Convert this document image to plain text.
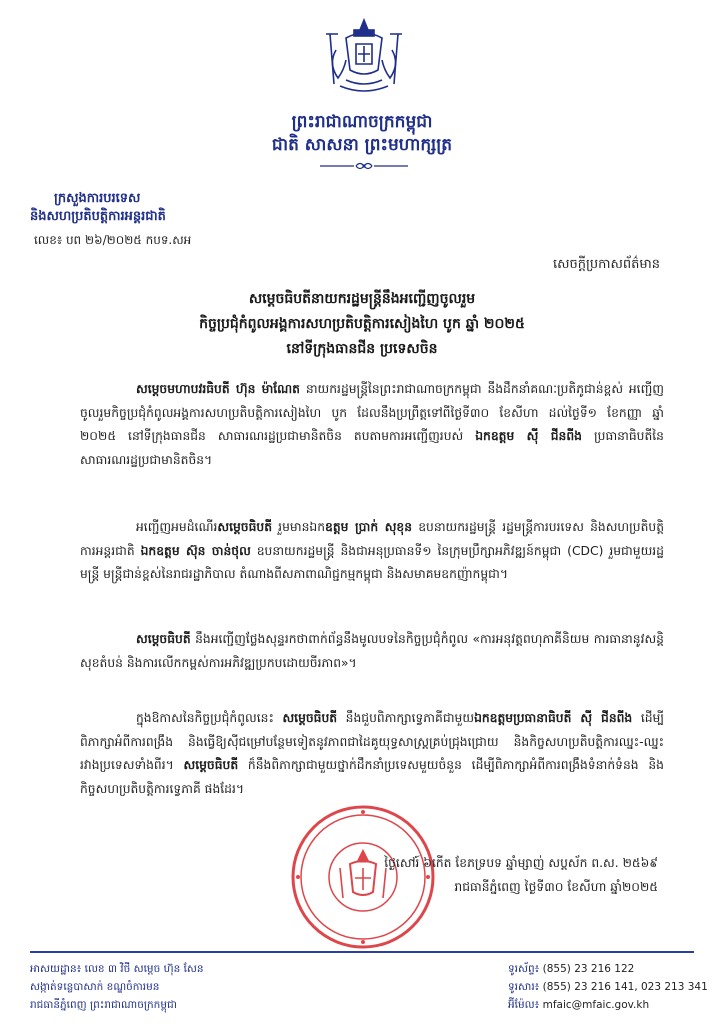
ព្រះរាជាណាចក្រកម្ពុជា
ជាតិ សាសនា ព្រះមហាក្សត្រ
ក្រសួងការបរទេស
និងសហប្រតិបត្តិការអន្តរជាតិ
លេខ៖ បព ២៦/២០២៥ កបទ.សអ
សេចក្តីប្រកាសព័ត៌មាន
សម្តេចធិបតីនាយករដ្ឋមន្ត្រីនឹងអញ្ជើញចូលរួម
កិច្ចប្រជុំកំពូលអង្គការសហប្រតិបត្តិការសៀងហៃ បូក ឆ្នាំ ២០២៥
នៅទីក្រុងធានជីន ប្រទេសចិន
សម្តេចមហាបវរធិបតី ហ៊ុន ម៉ាណែត នាយករដ្ឋមន្ត្រីនៃព្រះរាជាណាចក្រកម្ពុជា នឹងដឹកនាំគណៈប្រតិភូជាន់ខ្ពស់ អញ្ជើញចូលរួមកិច្ចប្រជុំកំពូលអង្គការសហប្រតិបត្តិការសៀងហៃ បូក ដែលនឹងប្រព្រឹត្តទៅពីថ្ងៃទី៣០ ខែសីហា ដល់ថ្ងៃទី១ ខែកញ្ញា ឆ្នាំ ២០២៥ នៅទីក្រុងធានជីន សាធារណរដ្ឋប្រជាមានិតចិន តបតាមការអញ្ជើញរបស់ ឯកឧត្តម ស៊ី ជីនពីង ប្រធានាធិបតីនៃសាធារណរដ្ឋប្រជាមានិតចិន។
អញ្ជើញអមដំណើរសម្តេចធិបតី រួមមានឯកឧត្តម ប្រាក់ សុខុន ឧបនាយករដ្ឋមន្ត្រី រដ្ឋមន្ត្រីការបរទេស និងសហប្រតិបត្តិការអន្តរជាតិ ឯកឧត្តម ស៊ុន ចាន់ថុល ឧបនាយករដ្ឋមន្ត្រី និងជាអនុប្រធានទី១ នៃក្រុមប្រឹក្សាអភិវឌ្ឍន៍កម្ពុជា (CDC) រួមជាមួយរដ្ឋមន្ត្រី មន្ត្រីជាន់ខ្ពស់នៃរាជរដ្ឋាភិបាល តំណាងពីសភាពាណិជ្ជកម្មកម្ពុជា និងសមាគមឧកញ៉ាកម្ពុជា។
សម្តេចធិបតី នឹងអញ្ជើញថ្លែងសុន្ទរកថាពាក់ព័ន្ធនឹងមូលបទនៃកិច្ចប្រជុំកំពូល «ការអនុវត្តពហុភាគីនិយម ការធានានូវសន្តិសុខតំបន់ និងការលើកកម្ពស់ការអភិវឌ្ឍប្រកបដោយចីរភាព»។
ក្នុងឱកាសនៃកិច្ចប្រជុំកំពូលនេះ សម្តេចធិបតី នឹងជួបពិភាក្សាទ្វេភាគីជាមួយឯកឧត្តមប្រធានាធិបតី ស៊ី ជីនពីង ដើម្បីពិភាក្សាអំពីការពង្រឹង និងធ្វើឱ្យស៊ីជម្រៅបន្ថែមទៀតនូវភាពជាដៃគូយុទ្ធសាស្ត្រគ្រប់ជ្រុងជ្រោយ និងកិច្ចសហប្រតិបត្តិការឈ្នះ-ឈ្នះ រវាងប្រទេសទាំងពីរ។ សម្តេចធិបតី ក៏នឹងពិភាក្សាជាមួយថ្នាក់ដឹកនាំប្រទេសមួយចំនួន ដើម្បីពិភាក្សាអំពីការពង្រឹងទំនាក់ទំនង និងកិច្ចសហប្រតិបត្តិការទ្វេភាគី ផងដែរ។
ថ្ងៃសៅរ៍ ៦កើត ខែភទ្របទ ឆ្នាំម្សាញ់ សប្តស័ក ព.ស. ២៥៦៩
រាជធានីភ្នំពេញ ថ្ងៃទី៣០ ខែសីហា ឆ្នាំ២០២៥
អាសយដ្ឋាន៖ លេខ ៣ វិថី សម្តេច ហ៊ុន សែន
សង្កាត់ទន្លេបាសាក់ ខណ្ឌចំការមន
រាជធានីភ្នំពេញ ព្រះរាជាណាចក្រកម្ពុជា
ទូរស័ព្ទ៖ (855) 23 216 122
ទូរសារ៖ (855) 23 216 141, 023 213 341
អ៊ីម៉ែល៖ mfaic@mfaic.gov.kh
